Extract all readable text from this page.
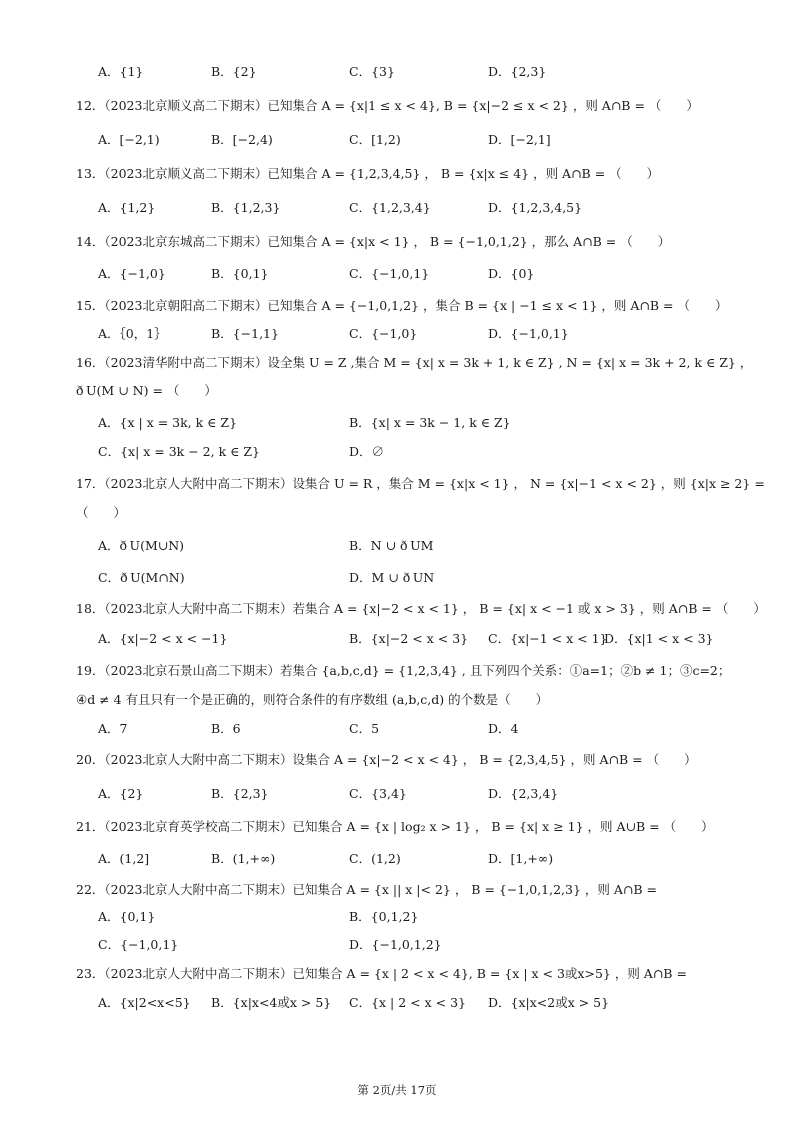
A．{1}	B．{2}	C．{3}	D．{2,3}
12．（2023北京顺义高二下期末）已知集合 A = {x|1 ≤ x < 4}, B = {x|−2 ≤ x < 2} ，则 A∩B = （　　）
A．[−2,1)	B．[−2,4)	C．[1,2)	D．[−2,1]
13．（2023北京顺义高二下期末）已知集合 A = {1,2,3,4,5} ， B = {x|x ≤ 4} ，则 A∩B = （　　）
A．{1,2}	B．{1,2,3}	C．{1,2,3,4}	D．{1,2,3,4,5}
14．（2023北京东城高二下期末）已知集合 A = {x|x < 1} ， B = {−1,0,1,2} ，那么 A∩B = （　　）
A．{−1,0}	B．{0,1}	C．{−1,0,1}	D．{0}
15．（2023北京朝阳高二下期末）已知集合 A = {−1,0,1,2} ，集合 B = {x | −1 ≤ x < 1} ，则 A∩B = （　　）
A．｛0，1｝	B．{−1,1}	C．{−1,0}	D．{−1,0,1}
16．（2023清华附中高二下期末）设全集 U = Z ,集合 M = {x| x = 3k + 1, k ∈ Z} , N = {x| x = 3k + 2, k ∈ Z} ，
ð U(M ∪ N) = （　　）
A．{x | x = 3k, k ∈ Z}	B．{x| x = 3k − 1, k ∈ Z}
C．{x| x = 3k − 2, k ∈ Z}	D．∅
17．（2023北京人大附中高二下期末）设集合 U = R ，集合 M = {x|x < 1} ， N = {x|−1 < x < 2} ，则 {x|x ≥ 2} =
（　　）
A．ð U(M∪N)	B．N ∪ ð UM
C．ð U(M∩N)	D．M ∪ ð UN
18．（2023北京人大附中高二下期末）若集合 A = {x|−2 < x < 1} ， B = {x| x < −1 或 x > 3} ，则 A∩B = （　　）
A．{x|−2 < x < −1}	B．{x|−2 < x < 3} C．{x|−1 < x < 1}
D．{x|1 < x < 3}
19．（2023北京石景山高二下期末）若集合 {a,b,c,d} = {1,2,3,4} , 且下列四个关系：①a=1；②b ≠ 1；③c=2；
④d ≠ 4 有且只有一个是正确的，则符合条件的有序数组 (a,b,c,d) 的个数是（　　）
A．7	B．6	C．5	D．4
20．（2023北京人大附中高二下期末）设集合 A = {x|−2 < x < 4} ， B = {2,3,4,5} ，则 A∩B = （　　）
A．{2}	B．{2,3}	C．{3,4}	D．{2,3,4}
21．（2023北京育英学校高二下期末）已知集合 A = {x | log₂ x > 1} ， B = {x| x ≥ 1} ，则 A∪B = （　　）
A．(1,2]	B．(1,+∞)	C．(1,2)	D．[1,+∞)
22．（2023北京人大附中高二下期末）已知集合 A = {x || x |< 2} ， B = {−1,0,1,2,3} ，则 A∩B =
A．{0,1}	B．{0,1,2}
C．{−1,0,1}	D．{−1,0,1,2}
23．（2023北京人大附中高二下期末）已知集合 A = {x | 2 < x < 4}, B = {x | x < 3或x>5} ，则 A∩B =
A．{x|2<x<5} B．{x|x<4或x > 5} C．{x | 2 < x < 3} D．{x|x<2或x > 5}
第 2页/共 17页
